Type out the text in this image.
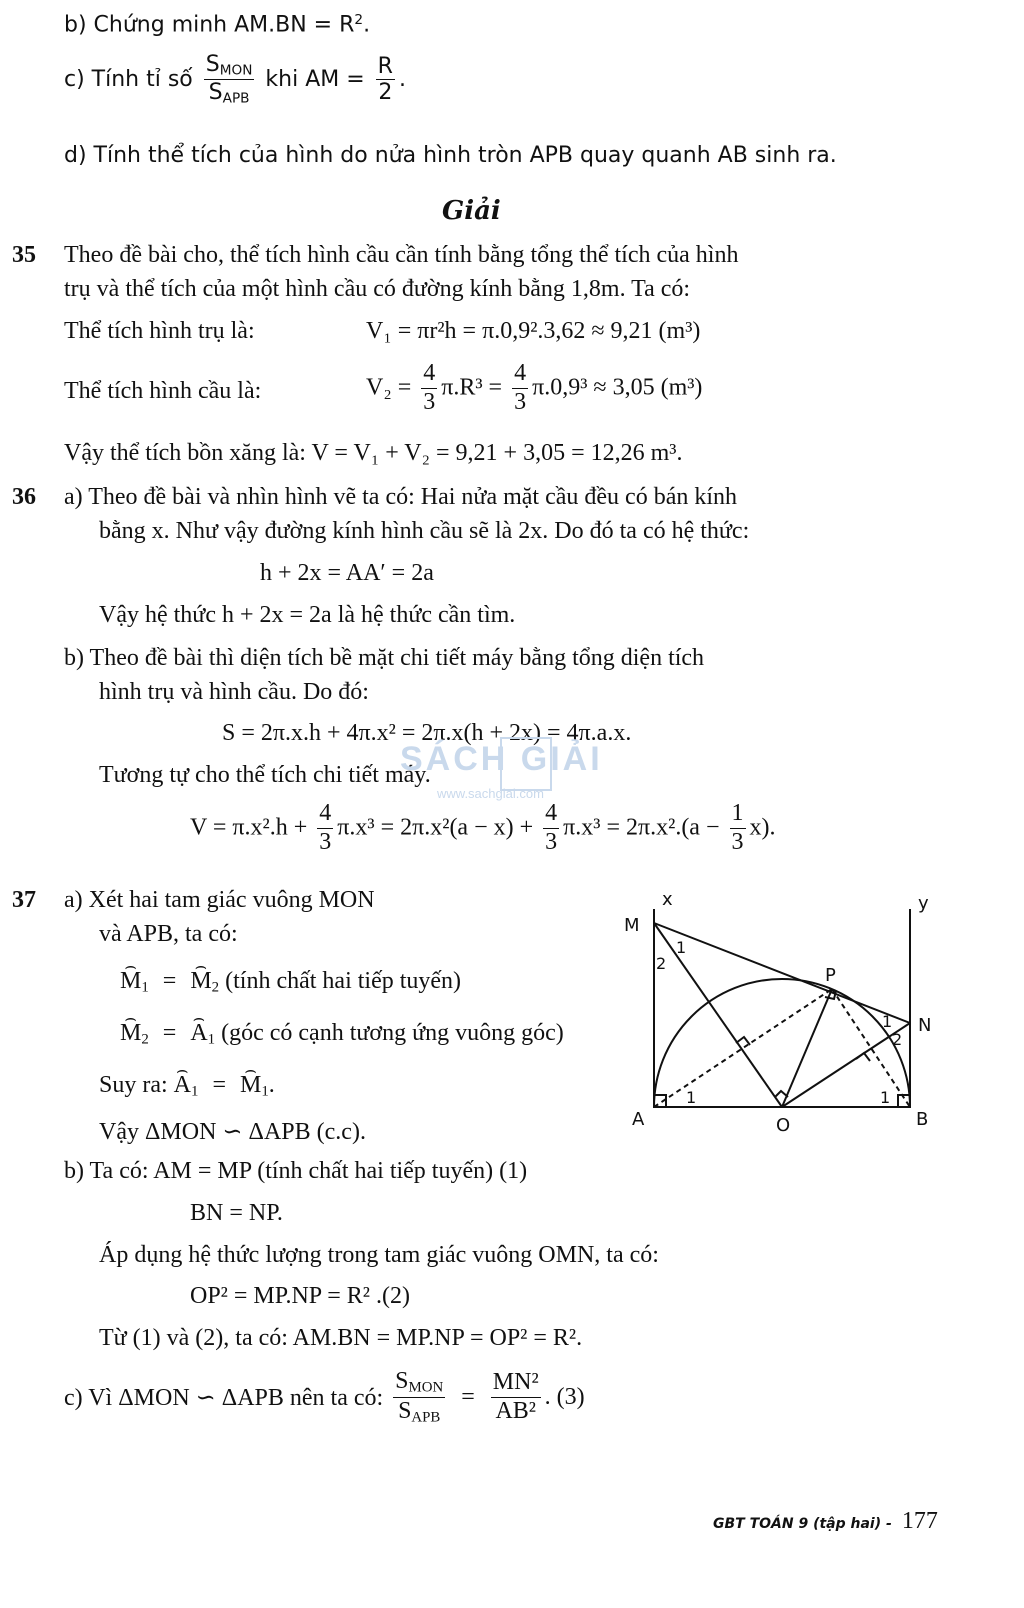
b) Chứng minh $AM.BN = R^2$.
c) Tính tỉ số $\frac{S_{MON}}{S_{APB}}$ khi AM = $\frac{R}{2}$ .
d) Tính thể tích của hình do nửa hình tròn APB quay quanh AB sinh ra.
Giải
35 Theo đề bài cho, thể tích hình cầu cần tính bằng tổng thể tích của hình
trụ và thể tích của một hình cầu có đường kính bằng 1,8m. Ta có:
Thể tích hình trụ là:	V₁ = πr²h = π.0,9².3,62 ≈ 9,21 (m³)
Thể tích hình cầu là:	$V_2 = \frac{4}{3} \pi.R^3 = \frac{4}{3} \pi.0,9^3 \approx 3,05$ (m³)
Vậy thể tích bồn xăng là: V = V₁ + V₂ = 9,21 + 3,05 = 12,26 m³.
36 a) Theo đề bài và nhìn hình vẽ ta có: Hai nửa mặt cầu đều có bán kính
bằng x. Như vậy đường kính hình cầu sẽ là 2x. Do đó ta có hệ thức:
h + 2x = AA′ = 2a
Vậy hệ thức h + 2x = 2a là hệ thức cần tìm.
b) Theo đề bài thì diện tích bề mặt chi tiết máy bằng tổng diện tích
hình trụ và hình cầu. Do đó:
S = 2π.x.h + 4π.x² = 2π.x(h + 2x) = 4π.a.x.
Tương tự cho thể tích chi tiết máy.
$V = \pi.x^2.h + \frac{4}{3} \pi.x^3 = 2\pi.x^2(a - x) + \frac{4}{3} \pi.x^3 = 2\pi.x^2.(a - \frac{1}{3} x)$.
37 a) Xét hai tam giác vuông MON
và APB, ta có:
⌢ $M_1$ = ⌢ $M_2$ (tính chất hai tiếp tuyến)
⌢ $M_2$ = ⌢ $A_1$ (góc có cạnh tương ứng vuông góc)
Suy ra: ⌢ $A_1$ = ⌢ $M_1$.
Vậy ΔMON ∽ ΔAPB (c.c).
b) Ta có: AM = MP (tính chất hai tiếp tuyến) (1)
BN = NP.
Áp dụng hệ thức lượng trong tam giác vuông OMN, ta có:
OP² = MP.NP = R² .(2)
Từ (1) và (2), ta có: AM.BN = MP.NP = OP² = R².
c) Vì ΔMON ∽ ΔAPB nên ta có: $\frac{S_{MON}}{S_{APB}} = \frac{\text{MN²}}{\text{AB²}}$ . (3)
x	y
M
N
P
A	O	B
1
2
1
2
1	1
SÁCH GIẢI
www.sachgiai.com
GBT TOÁN 9 (tập hai) - 177
